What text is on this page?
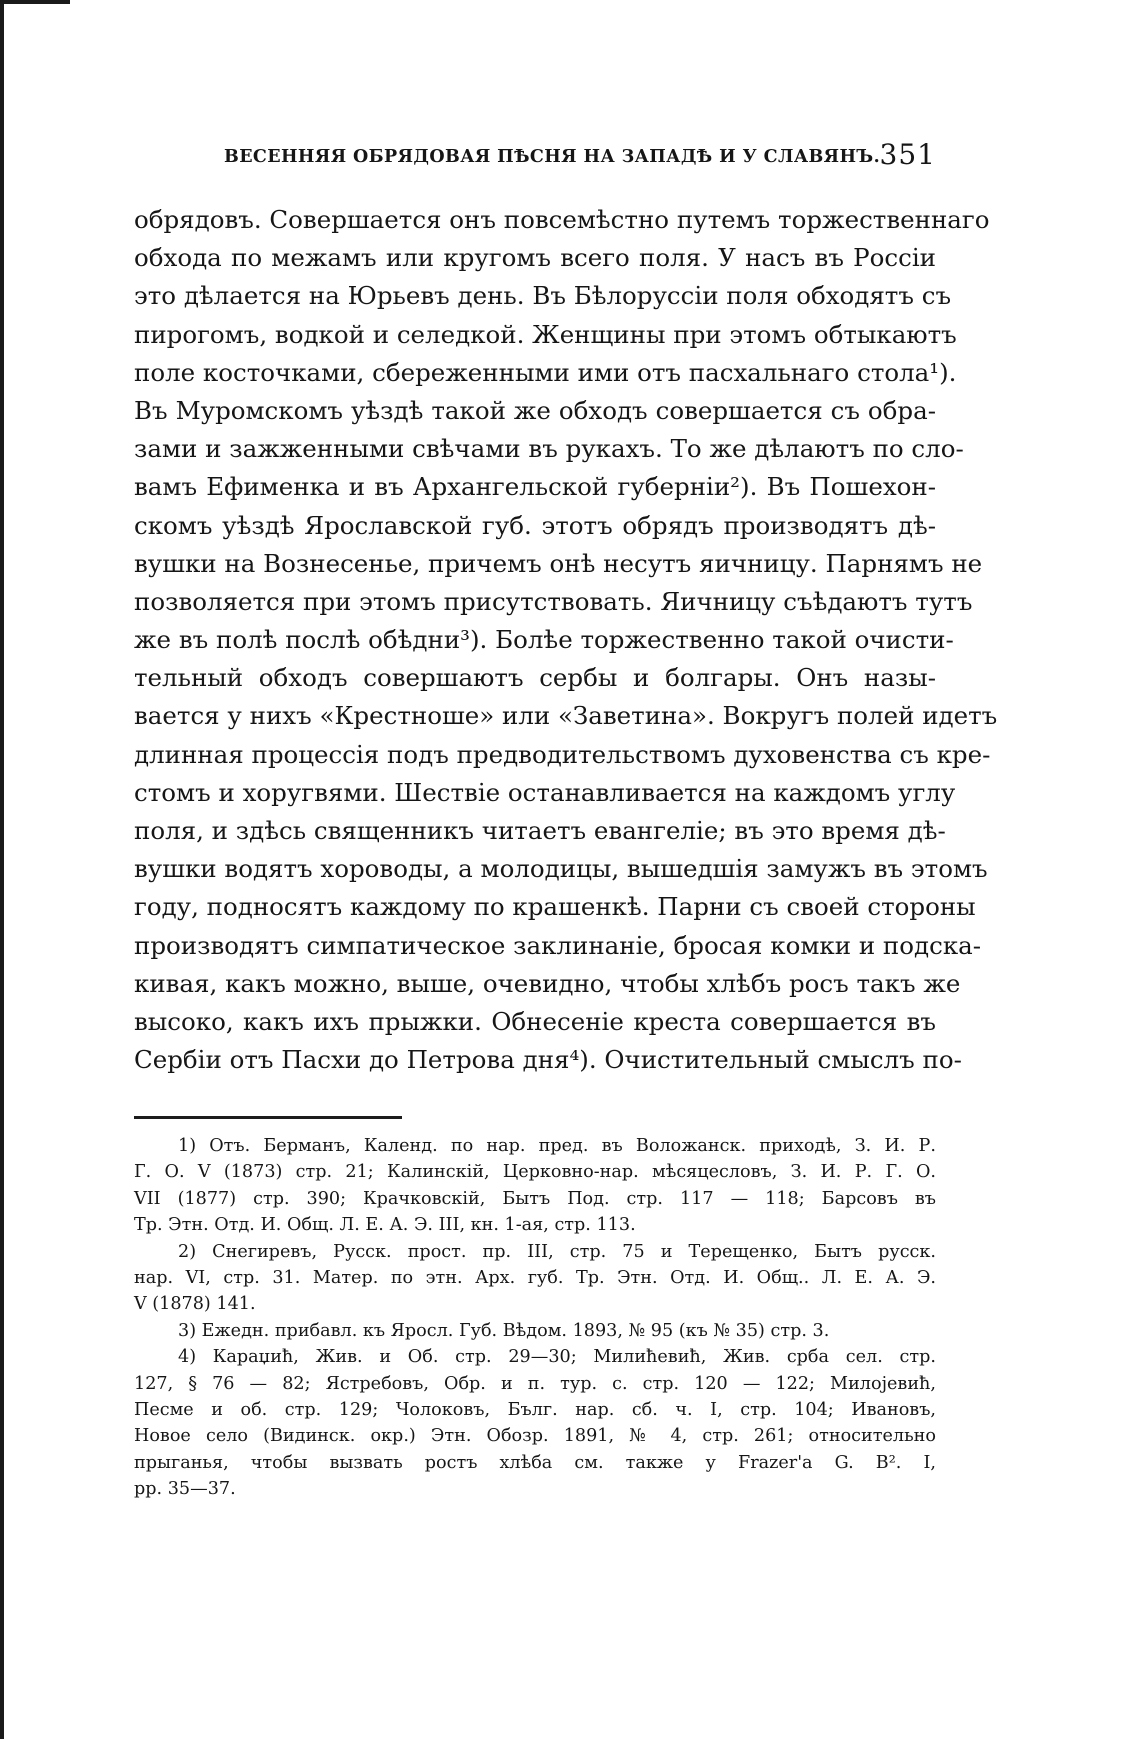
ВЕСЕННЯЯ ОБРЯДОВАЯ ПѢСНЯ НА ЗАПАДѢ И У СЛАВЯНЪ. 351
обрядовъ. Совершается онъ повсемѣстно путемъ торжественнаго
обхода по межамъ или кругомъ всего поля. У насъ въ Россіи
это дѣлается на Юрьевъ день. Въ Бѣлоруссіи поля обходятъ съ
пирогомъ, водкой и селедкой. Женщины при этомъ обтыкаютъ
поле косточками, сбереженными ими отъ пасхальнаго стола¹).
Въ Муромскомъ уѣздѣ такой же обходъ совершается съ обра-
зами и зажженными свѣчами въ рукахъ. То же дѣлаютъ по сло-
вамъ Ефименка и въ Архангельской губерніи²). Въ Пошехон-
скомъ уѣздѣ Ярославской губ. этотъ обрядъ производятъ дѣ-
вушки на Вознесенье, причемъ онѣ несутъ яичницу. Парнямъ не
позволяется при этомъ присутствовать. Яичницу съѣдаютъ тутъ
же въ полѣ послѣ обѣдни³). Болѣе торжественно такой очисти-
тельный обходъ совершаютъ сербы и болгары. Онъ назы-
вается у нихъ «Крестноше» или «Заветина». Вокругъ полей идетъ
длинная процессія подъ предводительствомъ духовенства съ кре-
стомъ и хоругвями. Шествіе останавливается на каждомъ углу
поля, и здѣсь священникъ читаетъ евангеліе; въ это время дѣ-
вушки водятъ хороводы, а молодицы, вышедшія замужъ въ этомъ
году, подносятъ каждому по крашенкѣ. Парни съ своей стороны
производятъ симпатическое заклинаніе, бросая комки и подска-
кивая, какъ можно, выше, очевидно, чтобы хлѣбъ росъ такъ же
высоко, какъ ихъ прыжки. Обнесеніе креста совершается въ
Сербіи отъ Пасхи до Петрова дня⁴). Очистительный смыслъ по-
1) Отъ. Берманъ, Календ. по нар. пред. въ Воложанск. приходѣ, З. И. Р.
Г. О. V (1873) стр. 21; Калинскій, Церковно-нар. мѣсяцесловъ, З. И. Р. Г. О.
VII (1877) стр. 390; Крачковскій, Бытъ Под. стр. 117 — 118; Барсовъ въ
Тр. Этн. Отд. И. Общ. Л. Е. А. Э. III, кн. 1-ая, стр. 113.
2) Снегиревъ, Русск. прост. пр. III, стр. 75 и Терещенко, Бытъ русск.
нар. VI, стр. 31. Матер. по этн. Арх. губ. Тр. Этн. Отд. И. Общ.. Л. Е. А. Э.
V (1878) 141.
3) Ежедн. прибавл. къ Яросл. Губ. Вѣдом. 1893, № 95 (къ № 35) стр. 3.
4) Караџиħ, Жив. и Об. стр. 29—30; Милиħевиħ, Жив. срба сел. стр.
127, § 76 — 82; Ястребовъ, Обр. и п. тур. с. стр. 120 — 122; Милоjевиħ,
Песме и об. стр. 129; Чолоковъ, Бълг. нар. сб. ч. I, стр. 104; Ивановъ,
Новое село (Видинск. окр.) Этн. Обозр. 1891, № 4, стр. 261; относительно
прыганья, чтобы вызвать ростъ хлѣба см. также у Frazer'a G. B². I,
pp. 35—37.
